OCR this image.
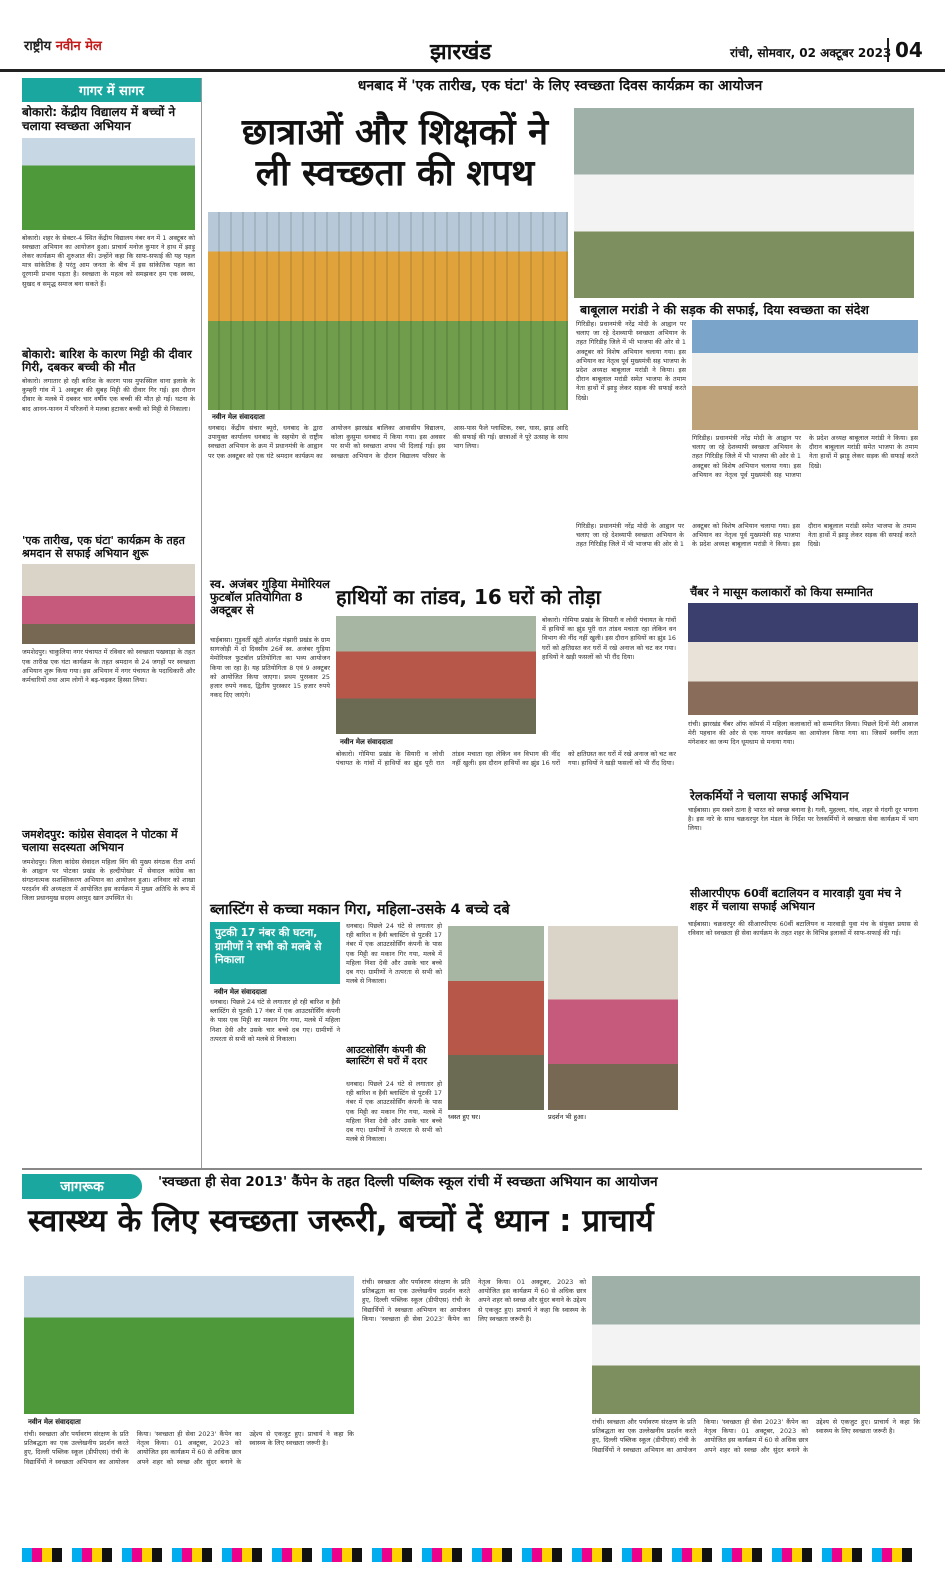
राष्ट्रीय नवीन मेल	झारखंड	रांची, सोमवार, 02 अक्टूबर 2023 04
गागर में सागर
बोकारो: केंद्रीय विद्यालय में बच्चों ने चलाया स्वच्छता अभियान
बोकारो। शहर के सेक्टर-4 स्थित केंद्रीय विद्यालय नंबर वन में 1 अक्टूबर को स्वच्छता अभियान का आयोजन हुआ। प्राचार्य मनोज कुमार ने हाथ में झाड़ू लेकर कार्यक्रम की शुरुआत की। उन्होंने कहा कि साफ-सफाई की यह पहल मात्र सांकेतिक है परंतु आम जनता के बीच में इस सांकेतिक पहल का दूरगामी प्रभाव पड़ता है। स्वच्छता के महत्व को समझकर हम एक स्वस्थ, सुखद व समृद्ध समाज बना सकते हैं।
बोकारो: बारिश के कारण मिट्टी की दीवार गिरी, दबकर बच्ची की मौत
बोकारो। लगातार हो रही बारिश के कारण पास मुफस्सिल थाना इलाके के कुम्हरी गांव में 1 अक्टूबर की सुबह मिट्टी की दीवार गिर गई। इस दौरान दीवार के मलबे में दबकर चार वर्षीय एक बच्ची की मौत हो गई। घटना के बाद आनन-फानन में परिजनों ने मलबा हटाकर बच्ची को मिट्टी से निकाला।
'एक तारीख, एक घंटा' कार्यक्रम के तहत श्रमदान से सफाई अभियान शुरू
जमशेदपुर। चाकुलिया नगर पंचायत में रविवार को स्वच्छता पखवाड़ा के तहत एक तारीख एक घंटा कार्यक्रम के तहत श्रमदान से 24 जगहों पर स्वच्छता अभियान शुरू किया गया। इस अभियान में नगर पंचायत के पदाधिकारी और कर्मचारियों तथा आम लोगों ने बढ़-चढ़कर हिस्सा लिया।
जमशेदपुर: कांग्रेस सेवादल ने पोटका में चलाया सदस्यता अभियान
जमशेदपुर। जिला कांग्रेस सेवादल महिला विंग की मुख्य संगठक रीता शर्मा के आह्वान पर पोटका प्रखंड के हल्दीपोखर में सेवादल कांग्रेस का संगठनात्मक सशक्तिकरण अभियान का आयोजन हुआ। शनिवार को शाखा परदर्शन की अध्यक्षता में आयोजित इस कार्यक्रम में मुख्य अतिथि के रूप में जिला प्रधानमुख सदस्य अरमुद खान उपस्थित थे।
धनबाद में 'एक तारीख, एक घंटा' के लिए स्वच्छता दिवस कार्यक्रम का आयोजन
छात्राओं और शिक्षकों ने
ली स्वच्छता की शपथ
नवीन मेल संवाददाता
धनबाद। केंद्रीय संचार ब्यूरो, धनबाद के द्वारा उपायुक्त कार्यालय धनबाद के सहयोग से राष्ट्रीय स्वच्छता अभियान के क्रम में प्रधानमंत्री के आह्वान पर एक अक्टूबर को एक घंटे श्रमदान कार्यक्रम का आयोजन झारखंड बालिका आवासीय विद्यालय, कोला कुसुमा धनबाद में किया गया। इस अवसर पर सभी को स्वच्छता शपथ भी दिलाई गई। इस स्वच्छता अभियान के दौरान विद्यालय परिसर के आस-पास फैले प्लास्टिक, रबर, घास, झाड़ आदि की सफाई की गई। छात्राओं ने पूरे उत्साह के साथ भाग लिया।
बाबूलाल मरांडी ने की सड़क की सफाई, दिया स्वच्छता का संदेश
गिरिडीह। प्रधानमंत्री नरेंद्र मोदी के आह्वान पर चलाए जा रहे देशव्यापी स्वच्छता अभियान के तहत गिरिडीह जिले में भी भाजपा की ओर से 1 अक्टूबर को विशेष अभियान चलाया गया। इस अभियान का नेतृत्व पूर्व मुख्यमंत्री सह भाजपा के प्रदेश अध्यक्ष बाबूलाल मरांडी ने किया। इस दौरान बाबूलाल मरांडी समेत भाजपा के तमाम नेता हाथों में झाड़ू लेकर सड़क की सफाई करते दिखे।
गिरिडीह। प्रधानमंत्री नरेंद्र मोदी के आह्वान पर चलाए जा रहे देशव्यापी स्वच्छता अभियान के तहत गिरिडीह जिले में भी भाजपा की ओर से 1 अक्टूबर को विशेष अभियान चलाया गया। इस अभियान का नेतृत्व पूर्व मुख्यमंत्री सह भाजपा के प्रदेश अध्यक्ष बाबूलाल मरांडी ने किया। इस दौरान बाबूलाल मरांडी समेत भाजपा के तमाम नेता हाथों में झाड़ू लेकर सड़क की सफाई करते दिखे।
गिरिडीह। प्रधानमंत्री नरेंद्र मोदी के आह्वान पर चलाए जा रहे देशव्यापी स्वच्छता अभियान के तहत गिरिडीह जिले में भी भाजपा की ओर से 1 अक्टूबर को विशेष अभियान चलाया गया। इस अभियान का नेतृत्व पूर्व मुख्यमंत्री सह भाजपा के प्रदेश अध्यक्ष बाबूलाल मरांडी ने किया। इस दौरान बाबूलाल मरांडी समेत भाजपा के तमाम नेता हाथों में झाड़ू लेकर सड़क की सफाई करते दिखे।
स्व. अजंबर गुड़िया मेमोरियल फुटबॉल प्रतियोगिता 8 अक्टूबर से
चाईबासा। गुड़ुवर्ती खूंटी अंतर्गत मंझारी प्रखंड के ग्राम सागजोड़ी में दो दिवसीय 26वें स्व. अजंबर गुड़िया मेमोरियल फुटबॉल प्रतियोगिता का भव्य आयोजन किया जा रहा है। यह प्रतियोगिता 8 एवं 9 अक्टूबर को आयोजित किया जाएगा। प्रथम पुरस्कार 25 हजार रुपये नकद, द्वितीय पुरस्कार 15 हजार रुपये नकद दिए जाएंगे।
हाथियों का तांडव, 16 घरों को तोड़ा
नवीन मेल संवाददाता
बोकारो। गोमिया प्रखंड के सियारी व लोधी पंचायत के गांवों में हाथियों का झुंड पूरी रात तांडव मचाता रहा लेकिन वन विभाग की नींद नहीं खुली। इस दौरान हाथियों का झुंड 16 घरों को क्षतिग्रस्त कर घरों में रखे अनाज को चट कर गया। हाथियों ने खड़ी फसलों को भी रौंद दिया।
बोकारो। गोमिया प्रखंड के सियारी व लोधी पंचायत के गांवों में हाथियों का झुंड पूरी रात तांडव मचाता रहा लेकिन वन विभाग की नींद नहीं खुली। इस दौरान हाथियों का झुंड 16 घरों को क्षतिग्रस्त कर घरों में रखे अनाज को चट कर गया। हाथियों ने खड़ी फसलों को भी रौंद दिया।
चैंबर ने मासूम कलाकारों को किया सम्मानित
रांची। झारखंड चैंबर ऑफ कॉमर्स में महिला कलाकारों को सम्मानित किया। पिछले दिनों मेरी आवाज मेरी पहचान की ओर से एक गायन कार्यक्रम का आयोजन किया गया था। जिसमें स्वर्गीय लता मंगेशकर का जन्म दिन धूमधाम से मनाया गया।
रेलकर्मियों ने चलाया सफाई अभियान
चाईबासा। हम सबने ठाना है भारत को स्वच्छ बनाना है। गली, मुहल्ला, गांव, शहर से गंदगी दूर भगाना है। इस नारे के साथ चक्रधरपुर रेल मंडल के निर्देश पर रेलकर्मियों ने स्वच्छता सेवा कार्यक्रम में भाग लिया।
सीआरपीएफ 60वीं बटालियन व मारवाड़ी युवा मंच ने शहर में चलाया सफाई अभियान
चाईबासा। चक्रधरपुर की सीआरपीएफ 60वीं बटालियन व मारवाड़ी युवा मंच के संयुक्त प्रयास से रविवार को स्वच्छता ही सेवा कार्यक्रम के तहत शहर के विभिन्न इलाकों में साफ-सफाई की गई।
ब्लास्टिंग से कच्चा मकान गिरा, महिला-उसके 4 बच्चे दबे
पुटकी 17 नंबर की घटना, ग्रामीणों ने सभी को मलबे से निकाला
नवीन मेल संवाददाता
धनबाद। पिछले 24 घंटे से लगातार हो रही बारिश व हैवी ब्लास्टिंग से पुटकी 17 नंबर में एक आउटसोर्सिंग कंपनी के पास एक मिट्टी का मकान गिर गया, मलबे में महिला निशा देवी और उसके चार बच्चे दब गए। ग्रामीणों ने तत्परता से सभी को मलबे से निकाला।
धनबाद। पिछले 24 घंटे से लगातार हो रही बारिश व हैवी ब्लास्टिंग से पुटकी 17 नंबर में एक आउटसोर्सिंग कंपनी के पास एक मिट्टी का मकान गिर गया, मलबे में महिला निशा देवी और उसके चार बच्चे दब गए। ग्रामीणों ने तत्परता से सभी को मलबे से निकाला।
आउटसोर्सिंग कंपनी की ब्लास्टिंग से घरों में दरार
धनबाद। पिछले 24 घंटे से लगातार हो रही बारिश व हैवी ब्लास्टिंग से पुटकी 17 नंबर में एक आउटसोर्सिंग कंपनी के पास एक मिट्टी का मकान गिर गया, मलबे में महिला निशा देवी और उसके चार बच्चे दब गए। ग्रामीणों ने तत्परता से सभी को मलबे से निकाला।
ध्वस्त हुए घर।	प्रदर्शन भी हुआ।
जागरूक	'स्वच्छता ही सेवा 2013' कैंपेन के तहत दिल्ली पब्लिक स्कूल रांची में स्वच्छता अभियान का आयोजन
स्वास्थ्य के लिए स्वच्छता जरूरी, बच्चों दें ध्यान : प्राचार्य
नवीन मेल संवाददाता
रांची। स्वच्छता और पर्यावरण संरक्षण के प्रति प्रतिबद्धता का एक उल्लेखनीय प्रदर्शन करते हुए, दिल्ली पब्लिक स्कूल (डीपीएस) रांची के विद्यार्थियों ने स्वच्छता अभियान का आयोजन किया। 'स्वच्छता ही सेवा 2023' कैंपेन का नेतृत्व किया। 01 अक्टूबर, 2023 को आयोजित इस कार्यक्रम में 60 से अधिक छात्र अपने शहर को स्वच्छ और सुंदर बनाने के उद्देश्य से एकजुट हुए। प्राचार्य ने कहा कि स्वास्थ्य के लिए स्वच्छता जरूरी है।
रांची। स्वच्छता और पर्यावरण संरक्षण के प्रति प्रतिबद्धता का एक उल्लेखनीय प्रदर्शन करते हुए, दिल्ली पब्लिक स्कूल (डीपीएस) रांची के विद्यार्थियों ने स्वच्छता अभियान का आयोजन किया। 'स्वच्छता ही सेवा 2023' कैंपेन का नेतृत्व किया। 01 अक्टूबर, 2023 को आयोजित इस कार्यक्रम में 60 से अधिक छात्र अपने शहर को स्वच्छ और सुंदर बनाने के उद्देश्य से एकजुट हुए। प्राचार्य ने कहा कि स्वास्थ्य के लिए स्वच्छता जरूरी है।
रांची। स्वच्छता और पर्यावरण संरक्षण के प्रति प्रतिबद्धता का एक उल्लेखनीय प्रदर्शन करते हुए, दिल्ली पब्लिक स्कूल (डीपीएस) रांची के विद्यार्थियों ने स्वच्छता अभियान का आयोजन किया। 'स्वच्छता ही सेवा 2023' कैंपेन का नेतृत्व किया। 01 अक्टूबर, 2023 को आयोजित इस कार्यक्रम में 60 से अधिक छात्र अपने शहर को स्वच्छ और सुंदर बनाने के उद्देश्य से एकजुट हुए। प्राचार्य ने कहा कि स्वास्थ्य के लिए स्वच्छता जरूरी है।
